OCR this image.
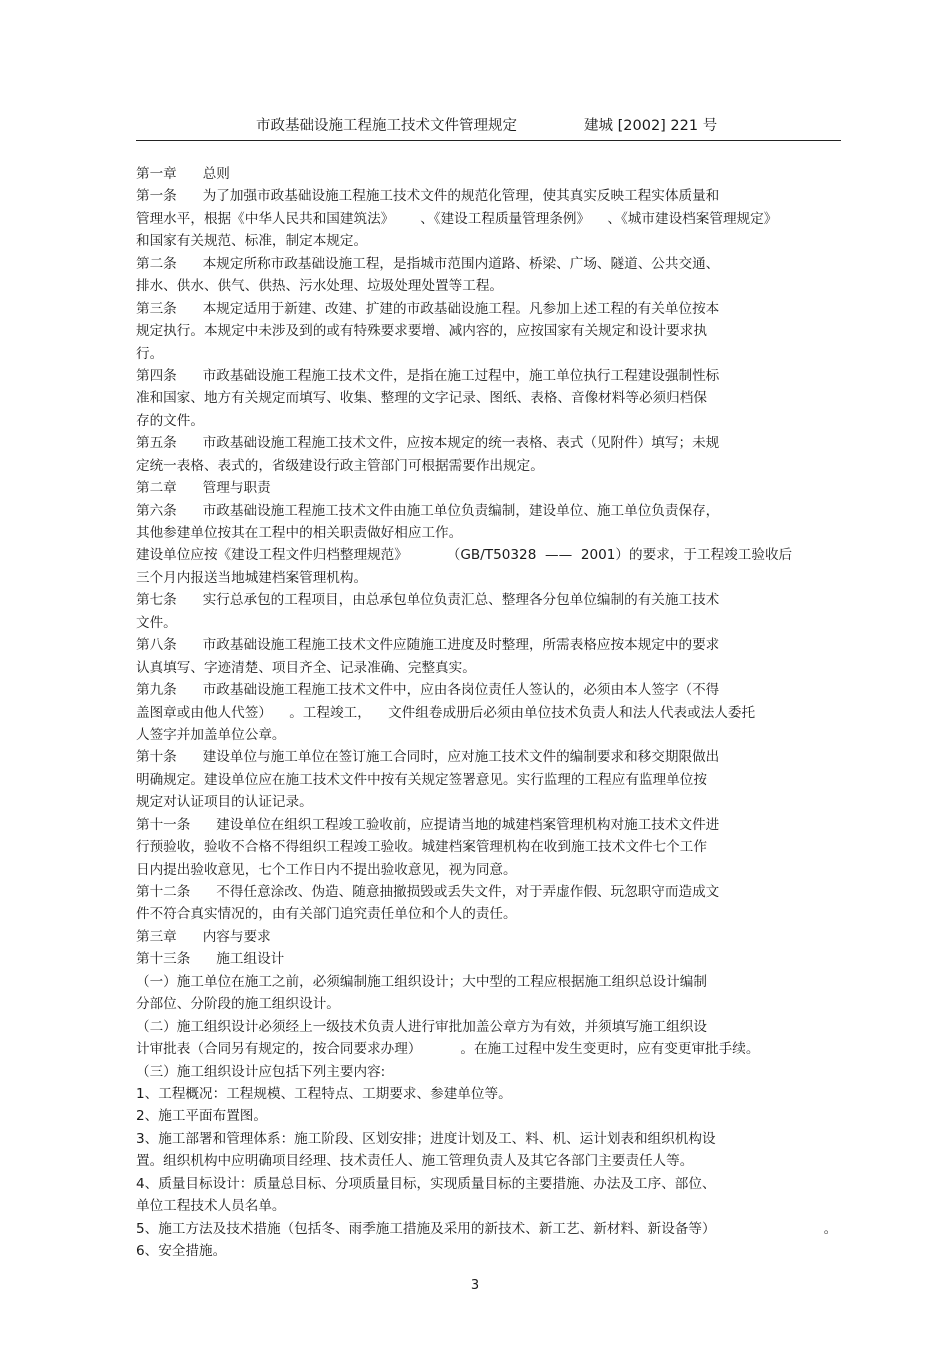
市政基础设施工程施工技术文件管理规定	建城 [2002] 221 号
第一章      总则
第一条      为了加强市政基础设施工程施工技术文件的规范化管理，使其真实反映工程实体质量和
管理水平，根据《中华人民共和国建筑法》      、《建设工程质量管理条例》    、《城市建设档案管理规定》
和国家有关规范、标准，制定本规定。
第二条      本规定所称市政基础设施工程，是指城市范围内道路、桥梁、广场、隧道、公共交通、
排水、供水、供气、供热、污水处理、垃圾处理处置等工程。
第三条      本规定适用于新建、改建、扩建的市政基础设施工程。凡参加上述工程的有关单位按本
规定执行。本规定中未涉及到的或有特殊要求要增、减内容的，应按国家有关规定和设计要求执
行。
第四条      市政基础设施工程施工技术文件，是指在施工过程中，施工单位执行工程建设强制性标
准和国家、地方有关规定而填写、收集、整理的文字记录、图纸、表格、音像材料等必须归档保
存的文件。
第五条      市政基础设施工程施工技术文件，应按本规定的统一表格、表式（见附件）填写；未规
定统一表格、表式的，省级建设行政主管部门可根据需要作出规定。
第二章      管理与职责
第六条      市政基础设施工程施工技术文件由施工单位负责编制，建设单位、施工单位负责保存，
其他参建单位按其在工程中的相关职责做好相应工作。
建设单位应按《建设工程文件归档整理规范》         （GB/T50328  ——  2001）的要求，于工程竣工验收后
三个月内报送当地城建档案管理机构。
第七条      实行总承包的工程项目，由总承包单位负责汇总、整理各分包单位编制的有关施工技术
文件。
第八条      市政基础设施工程施工技术文件应随施工进度及时整理，所需表格应按本规定中的要求
认真填写、字迹清楚、项目齐全、记录准确、完整真实。
第九条      市政基础设施工程施工技术文件中，应由各岗位责任人签认的，必须由本人签字（不得
盖图章或由他人代签）    。工程竣工，    文件组卷成册后必须由单位技术负责人和法人代表或法人委托
人签字并加盖单位公章。
第十条      建设单位与施工单位在签订施工合同时，应对施工技术文件的编制要求和移交期限做出
明确规定。建设单位应在施工技术文件中按有关规定签署意见。实行监理的工程应有监理单位按
规定对认证项目的认证记录。
第十一条      建设单位在组织工程竣工验收前，应提请当地的城建档案管理机构对施工技术文件进
行预验收，验收不合格不得组织工程竣工验收。城建档案管理机构在收到施工技术文件七个工作
日内提出验收意见，七个工作日内不提出验收意见，视为同意。
第十二条      不得任意涂改、伪造、随意抽撤损毁或丢失文件，对于弄虚作假、玩忽职守而造成文
件不符合真实情况的，由有关部门追究责任单位和个人的责任。
第三章      内容与要求
第十三条      施工组设计
（一）施工单位在施工之前，必须编制施工组织设计；大中型的工程应根据施工组织总设计编制
分部位、分阶段的施工组织设计。
（二）施工组织设计必须经上一级技术负责人进行审批加盖公章方为有效，并须填写施工组织设
计审批表（合同另有规定的，按合同要求办理）         。在施工过程中发生变更时，应有变更审批手续。
（三）施工组织设计应包括下列主要内容:
1、工程概况：工程规模、工程特点、工期要求、参建单位等。
2、施工平面布置图。
3、施工部署和管理体系：施工阶段、区划安排；进度计划及工、料、机、运计划表和组织机构设
置。组织机构中应明确项目经理、技术责任人、施工管理负责人及其它各部门主要责任人等。
4、质量目标设计：质量总目标、分项质量目标，实现质量目标的主要措施、办法及工序、部位、
单位工程技术人员名单。
5、施工方法及技术措施（包括冬、雨季施工措施及采用的新技术、新工艺、新材料、新设备等）                         。
6、安全措施。
3
